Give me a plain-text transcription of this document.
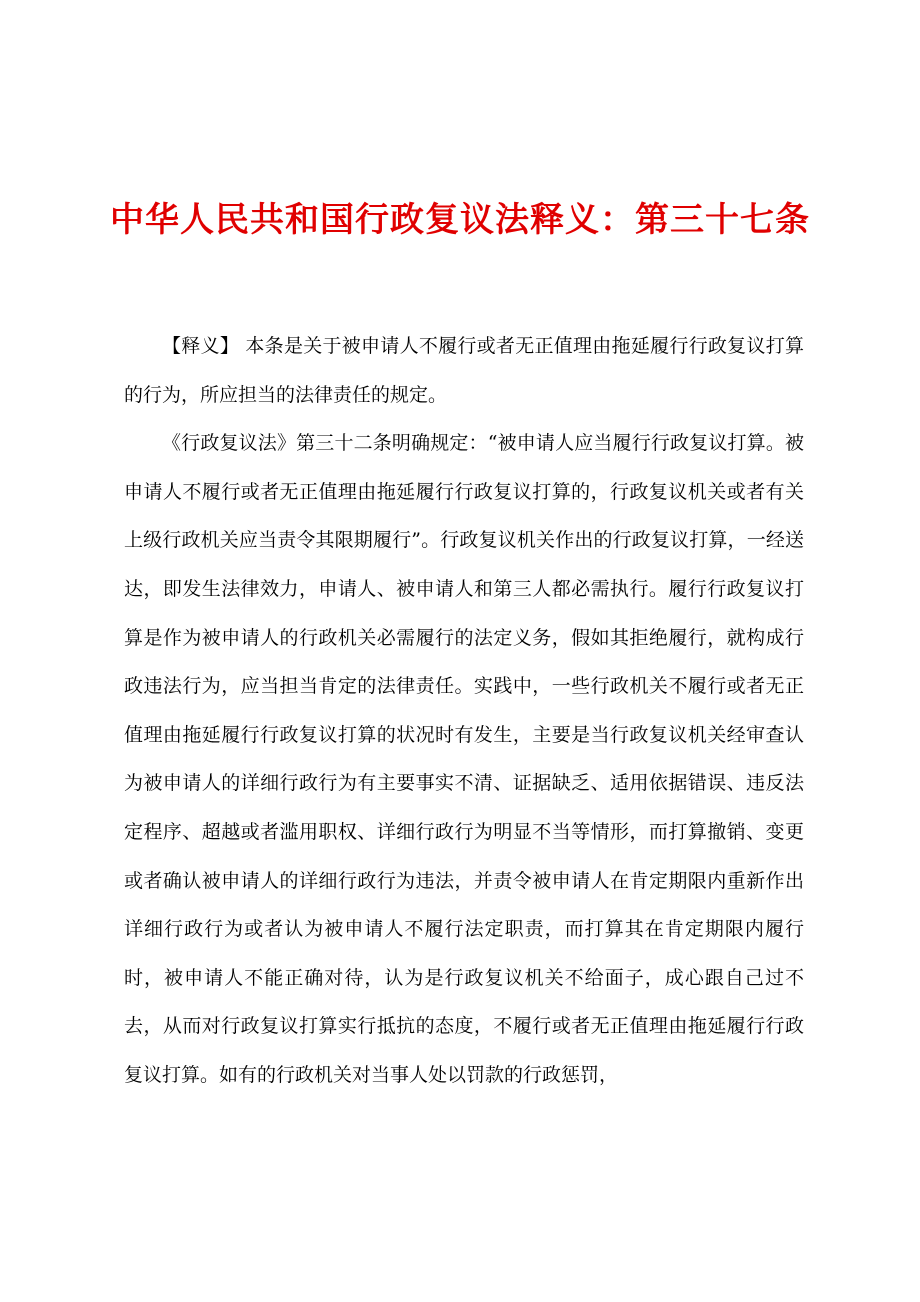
中华人民共和国行政复议法释义：第三十七条

【释义】 本条是关于被申请人不履行或者无正值理由拖延履行行政复议打算的行为，所应担当的法律责任的规定。

《行政复议法》第三十二条明确规定：“被申请人应当履行行政复议打算。被申请人不履行或者无正值理由拖延履行行政复议打算的，行政复议机关或者有关上级行政机关应当责令其限期履行”。行政复议机关作出的行政复议打算，一经送达，即发生法律效力，申请人、被申请人和第三人都必需执行。履行行政复议打算是作为被申请人的行政机关必需履行的法定义务，假如其拒绝履行，就构成行政违法行为，应当担当肯定的法律责任。实践中，一些行政机关不履行或者无正值理由拖延履行行政复议打算的状况时有发生，主要是当行政复议机关经审查认为被申请人的详细行政行为有主要事实不清、证据缺乏、适用依据错误、违反法定程序、超越或者滥用职权、详细行政行为明显不当等情形，而打算撤销、变更或者确认被申请人的详细行政行为违法，并责令被申请人在肯定期限内重新作出详细行政行为或者认为被申请人不履行法定职责，而打算其在肯定期限内履行时，被申请人不能正确对待，认为是行政复议机关不给面子，成心跟自己过不去，从而对行政复议打算实行抵抗的态度，不履行或者无正值理由拖延履行行政复议打算。如有的行政机关对当事人处以罚款的行政惩罚，
